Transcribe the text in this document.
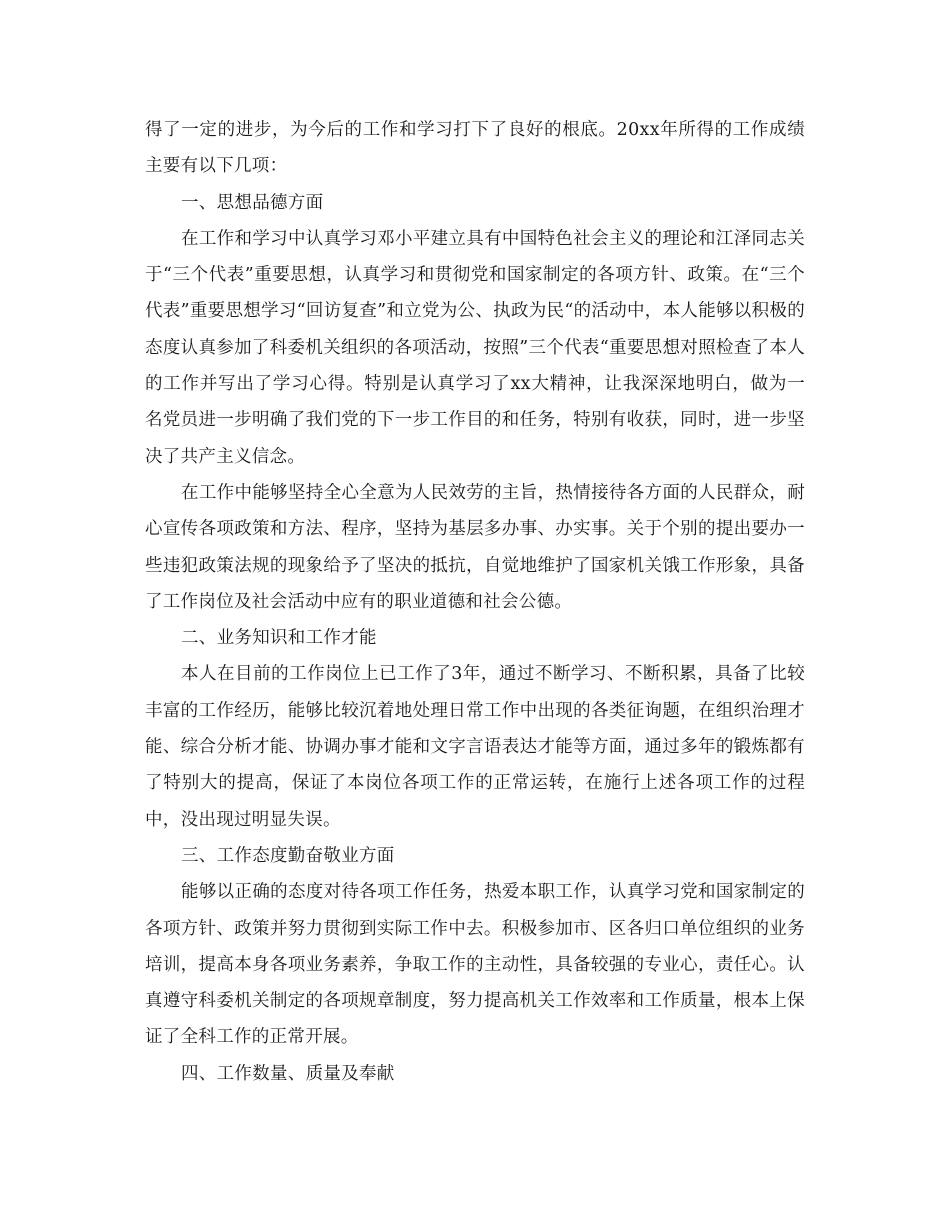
得了一定的进步，为今后的工作和学习打下了良好的根底。20xx年所得的工作成绩主要有以下几项：

一、思想品德方面

在工作和学习中认真学习邓小平建立具有中国特色社会主义的理论和江泽同志关于“三个代表”重要思想，认真学习和贯彻党和国家制定的各项方针、政策。在“三个代表”重要思想学习“回访复查”和立党为公、执政为民“的活动中，本人能够以积极的态度认真参加了科委机关组织的各项活动，按照”三个代表“重要思想对照检查了本人的工作并写出了学习心得。特别是认真学习了xx大精神，让我深深地明白，做为一名党员进一步明确了我们党的下一步工作目的和任务，特别有收获，同时，进一步坚决了共产主义信念。

在工作中能够坚持全心全意为人民效劳的主旨，热情接待各方面的人民群众，耐心宣传各项政策和方法、程序，坚持为基层多办事、办实事。关于个别的提出要办一些违犯政策法规的现象给予了坚决的抵抗，自觉地维护了国家机关饿工作形象，具备了工作岗位及社会活动中应有的职业道德和社会公德。

二、业务知识和工作才能

本人在目前的工作岗位上已工作了3年，通过不断学习、不断积累，具备了比较丰富的工作经历，能够比较沉着地处理日常工作中出现的各类征询题，在组织治理才能、综合分析才能、协调办事才能和文字言语表达才能等方面，通过多年的锻炼都有了特别大的提高，保证了本岗位各项工作的正常运转，在施行上述各项工作的过程中，没出现过明显失误。

三、工作态度勤奋敬业方面

能够以正确的态度对待各项工作任务，热爱本职工作，认真学习党和国家制定的各项方针、政策并努力贯彻到实际工作中去。积极参加市、区各归口单位组织的业务培训，提高本身各项业务素养，争取工作的主动性，具备较强的专业心，责任心。认真遵守科委机关制定的各项规章制度，努力提高机关工作效率和工作质量，根本上保证了全科工作的正常开展。

四、工作数量、质量及奉献
